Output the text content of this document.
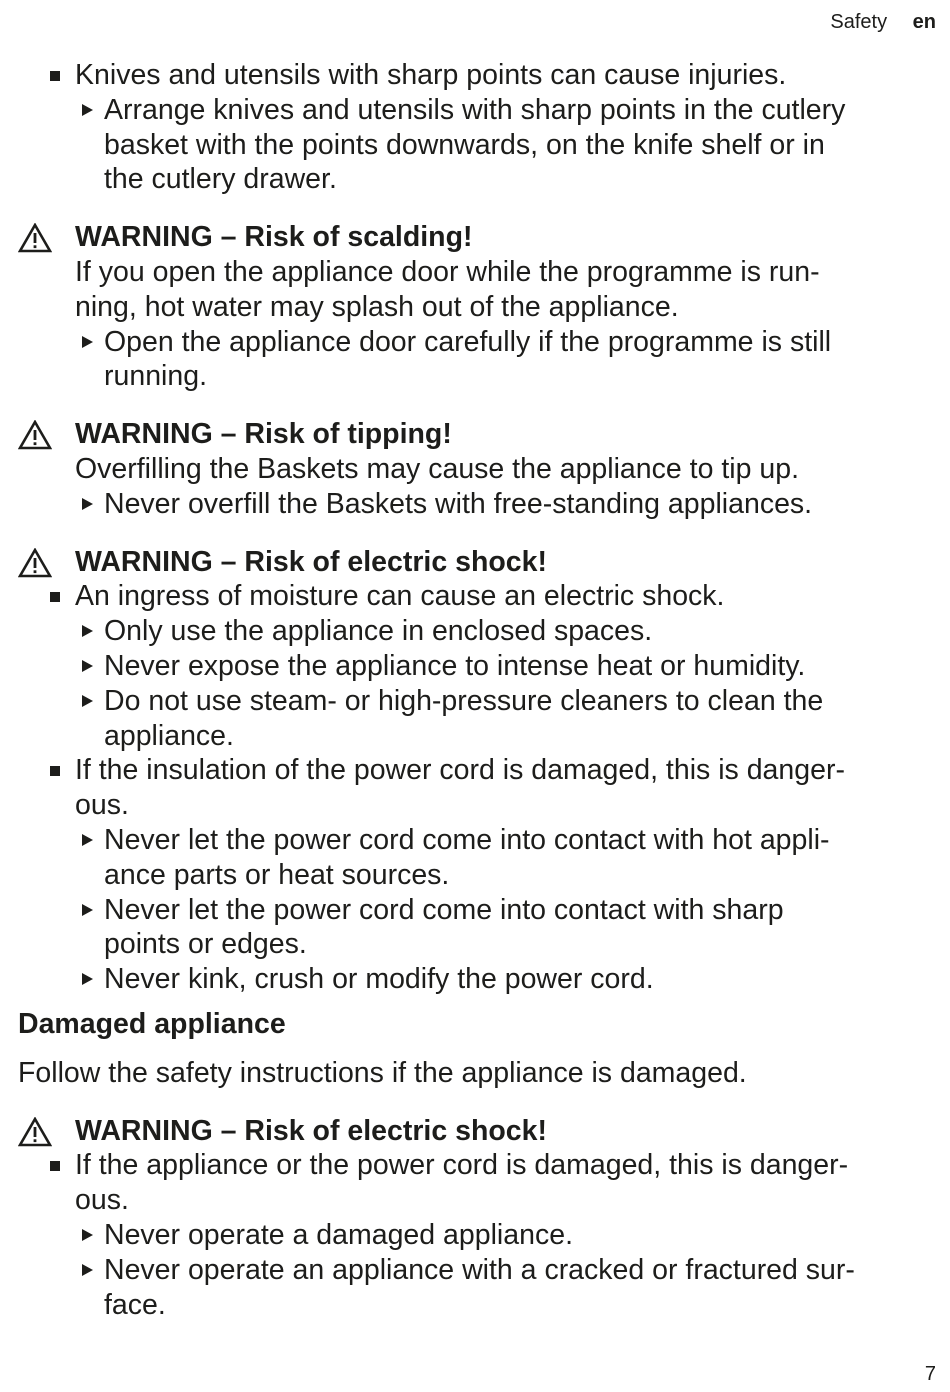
Safety en
Knives and utensils with sharp points can cause injuries.
Arrange knives and utensils with sharp points in the cutlery
basket with the points downwards, on the knife shelf or in
the cutlery drawer.
WARNING – Risk of scalding!
If you open the appliance door while the programme is run-
ning, hot water may splash out of the appliance.
Open the appliance door carefully if the programme is still
running.
WARNING – Risk of tipping!
Overfilling the Baskets may cause the appliance to tip up.
Never overfill the Baskets with free-standing appliances.
WARNING – Risk of electric shock!
An ingress of moisture can cause an electric shock.
Only use the appliance in enclosed spaces.
Never expose the appliance to intense heat or humidity.
Do not use steam- or high-pressure cleaners to clean the
appliance.
If the insulation of the power cord is damaged, this is danger-
ous.
Never let the power cord come into contact with hot appli-
ance parts or heat sources.
Never let the power cord come into contact with sharp
points or edges.
Never kink, crush or modify the power cord.
Damaged appliance
Follow the safety instructions if the appliance is damaged.
WARNING – Risk of electric shock!
If the appliance or the power cord is damaged, this is danger-
ous.
Never operate a damaged appliance.
Never operate an appliance with a cracked or fractured sur-
face.
7
